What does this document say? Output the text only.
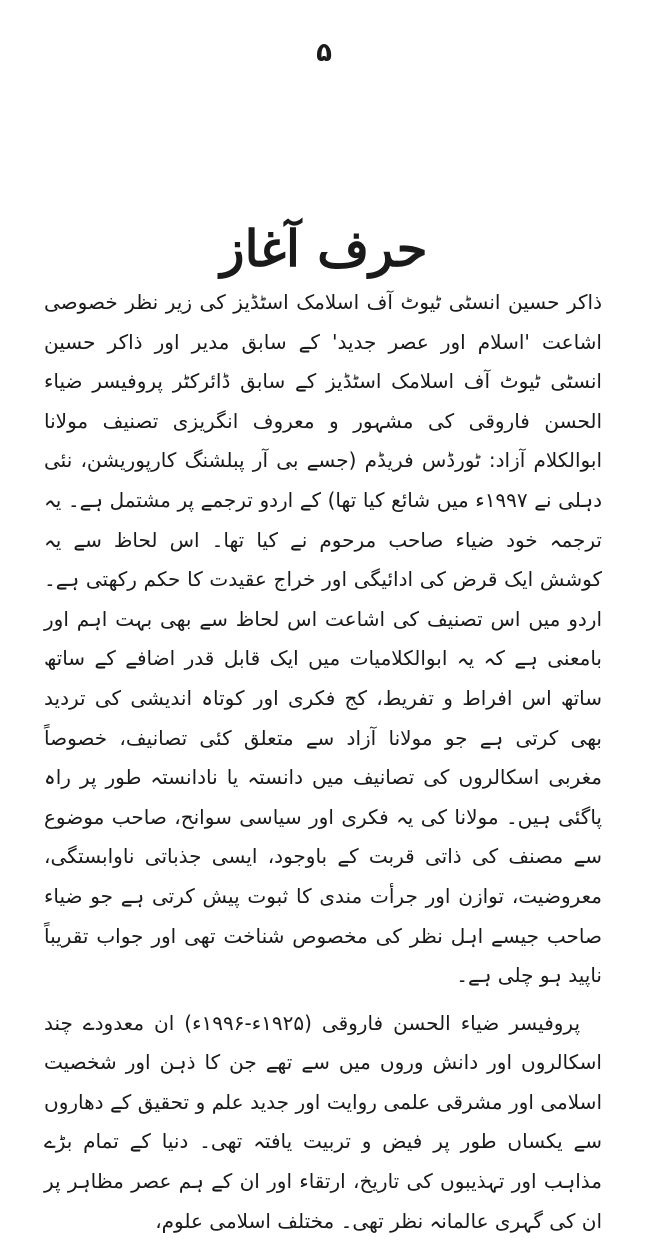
۵
حرف آغاز

ذاکر حسین انسٹی ٹیوٹ آف اسلامک اسٹڈیز کی زیر نظر خصوصی اشاعت 'اسلام اور عصر جدید' کے سابق مدیر اور ذاکر حسین انسٹی ٹیوٹ آف اسلامک اسٹڈیز کے سابق ڈائرکٹر پروفیسر ضیاء الحسن فاروقی کی مشہور و معروف انگریزی تصنیف مولانا ابوالکلام آزاد: ٹورڈس فریڈم (جسے بی آر پبلشنگ کارپوریشن، نئی دہلی نے ۱۹۹۷ء میں شائع کیا تھا) کے اردو ترجمے پر مشتمل ہے۔ یہ ترجمہ خود ضیاء صاحب مرحوم نے کیا تھا۔ اس لحاظ سے یہ کوشش ایک قرض کی ادائیگی اور خراج عقیدت کا حکم رکھتی ہے۔ اردو میں اس تصنیف کی اشاعت اس لحاظ سے بھی بہت اہم اور بامعنی ہے کہ یہ ابوالکلامیات میں ایک قابل قدر اضافے کے ساتھ ساتھ اس افراط و تفریط، کج فکری اور کوتاہ اندیشی کی تردید بھی کرتی ہے جو مولانا آزاد سے متعلق کئی تصانیف، خصوصاً مغربی اسکالروں کی تصانیف میں دانستہ یا نادانستہ طور پر راہ پاگئی ہیں۔ مولانا کی یہ فکری اور سیاسی سوانح، صاحب موضوع سے مصنف کی ذاتی قربت کے باوجود، ایسی جذباتی ناوابستگی، معروضیت، توازن اور جرأت مندی کا ثبوت پیش کرتی ہے جو ضیاء صاحب جیسے اہل نظر کی مخصوص شناخت تھی اور جواب تقریباً ناپید ہو چلی ہے۔

پروفیسر ضیاء الحسن فاروقی (۱۹۲۵ء-۱۹۹۶ء) ان معدودے چند اسکالروں اور دانش وروں میں سے تھے جن کا ذہن اور شخصیت اسلامی اور مشرقی علمی روایت اور جدید علم و تحقیق کے دھاروں سے یکساں طور پر فیض و تربیت یافتہ تھی۔ دنیا کے تمام بڑے مذاہب اور تہذیبوں کی تاریخ، ارتقاء اور ان کے ہم عصر مظاہر پر ان کی گہری عالمانہ نظر تھی۔ مختلف اسلامی علوم،
